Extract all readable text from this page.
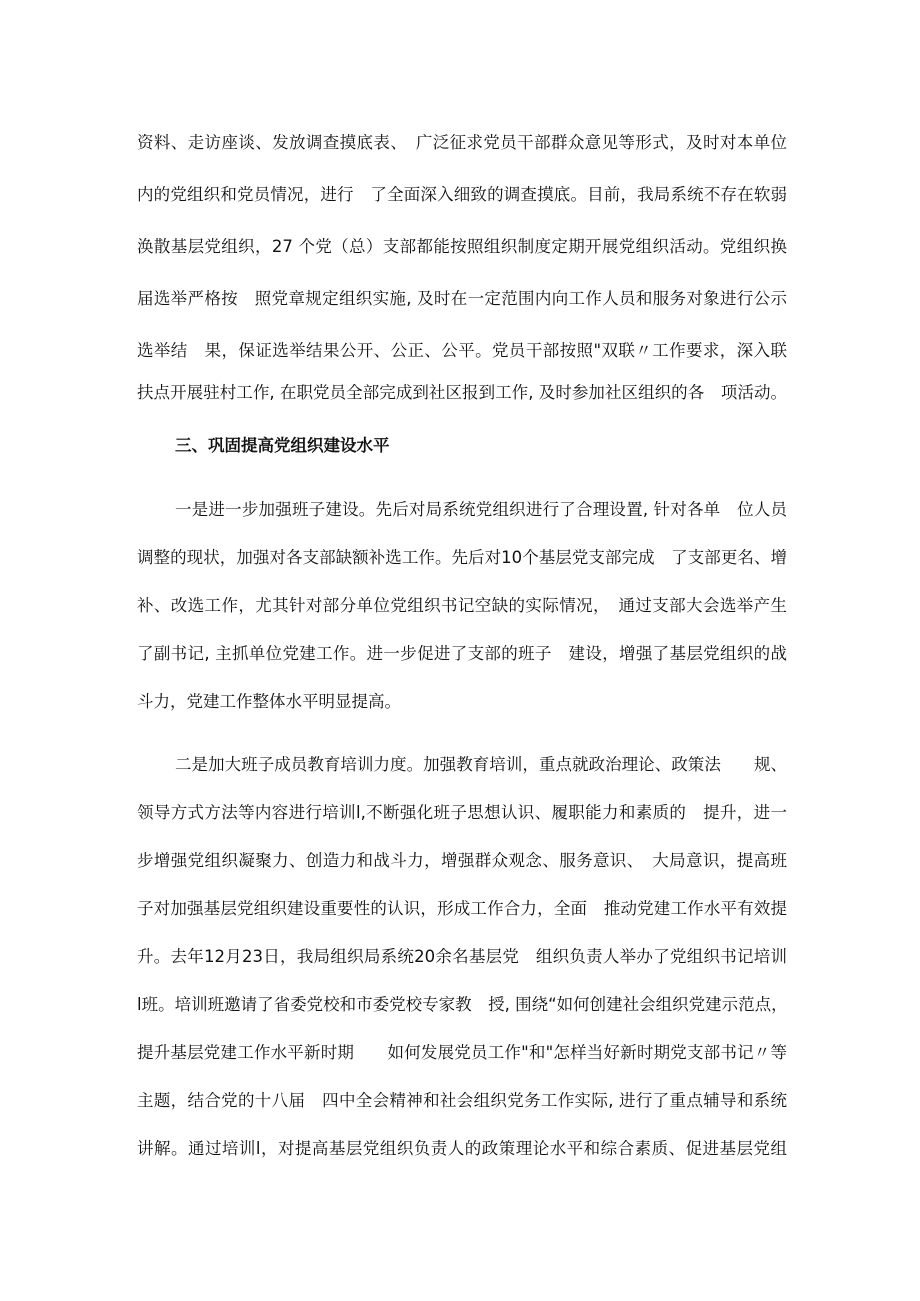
资料、走访座谈、发放调查摸底表、　广泛征求党员干部群众意见等形式，及时对本单位
内的党组织和党员情况，进行　了全面深入细致的调查摸底。目前，我局系统不存在软弱
涣散基层党组织，27 个党（总）支部都能按照组织制度定期开展党组织活动。党组织换
届选举严格按　照党章规定组织实施, 及时在一定范围内向工作人员和服务对象进行公示
选举结　果，保证选举结果公开、公正、公平。党员干部按照"双联〃工作要求，深入联
扶点开展驻村工作, 在职党员全部完成到社区报到工作, 及时参加社区组织的各　项活动。
三、巩固提高党组织建设水平
一是进一步加强班子建设。先后对局系统党组织进行了合理设置, 针对各单　位人员
调整的现状，加强对各支部缺额补选工作。先后对10个基层党支部完成　了支部更名、增
补、改选工作，尤其针对部分单位党组织书记空缺的实际情况，　通过支部大会选举产生
了副书记, 主抓单位党建工作。进一步促进了支部的班子　建设，增强了基层党组织的战
斗力，党建工作整体水平明显提高。
二是加大班子成员教育培训力度。加强教育培训，重点就政治理论、政策法　　规、
领导方式方法等内容进行培训l,不断强化班子思想认识、履职能力和素质的　提升，进一
步增强党组织凝聚力、创造力和战斗力，增强群众观念、服务意识、　大局意识，提高班
子对加强基层党组织建设重要性的认识，形成工作合力，全面　推动党建工作水平有效提
升。去年12月23日，我局组织局系统20余名基层党　组织负责人举办了党组织书记培训
l班。培训班邀请了省委党校和市委党校专家教　授, 围绕“如何创建社会组织党建示范点，
提升基层党建工作水平新时期　　如何发展党员工作"和"怎样当好新时期党支部书记〃等
主题，结合党的十八届　四中全会精神和社会组织党务工作实际, 进行了重点辅导和系统
讲解。通过培训l，对提高基层党组织负责人的政策理论水平和综合素质、促进基层党组
